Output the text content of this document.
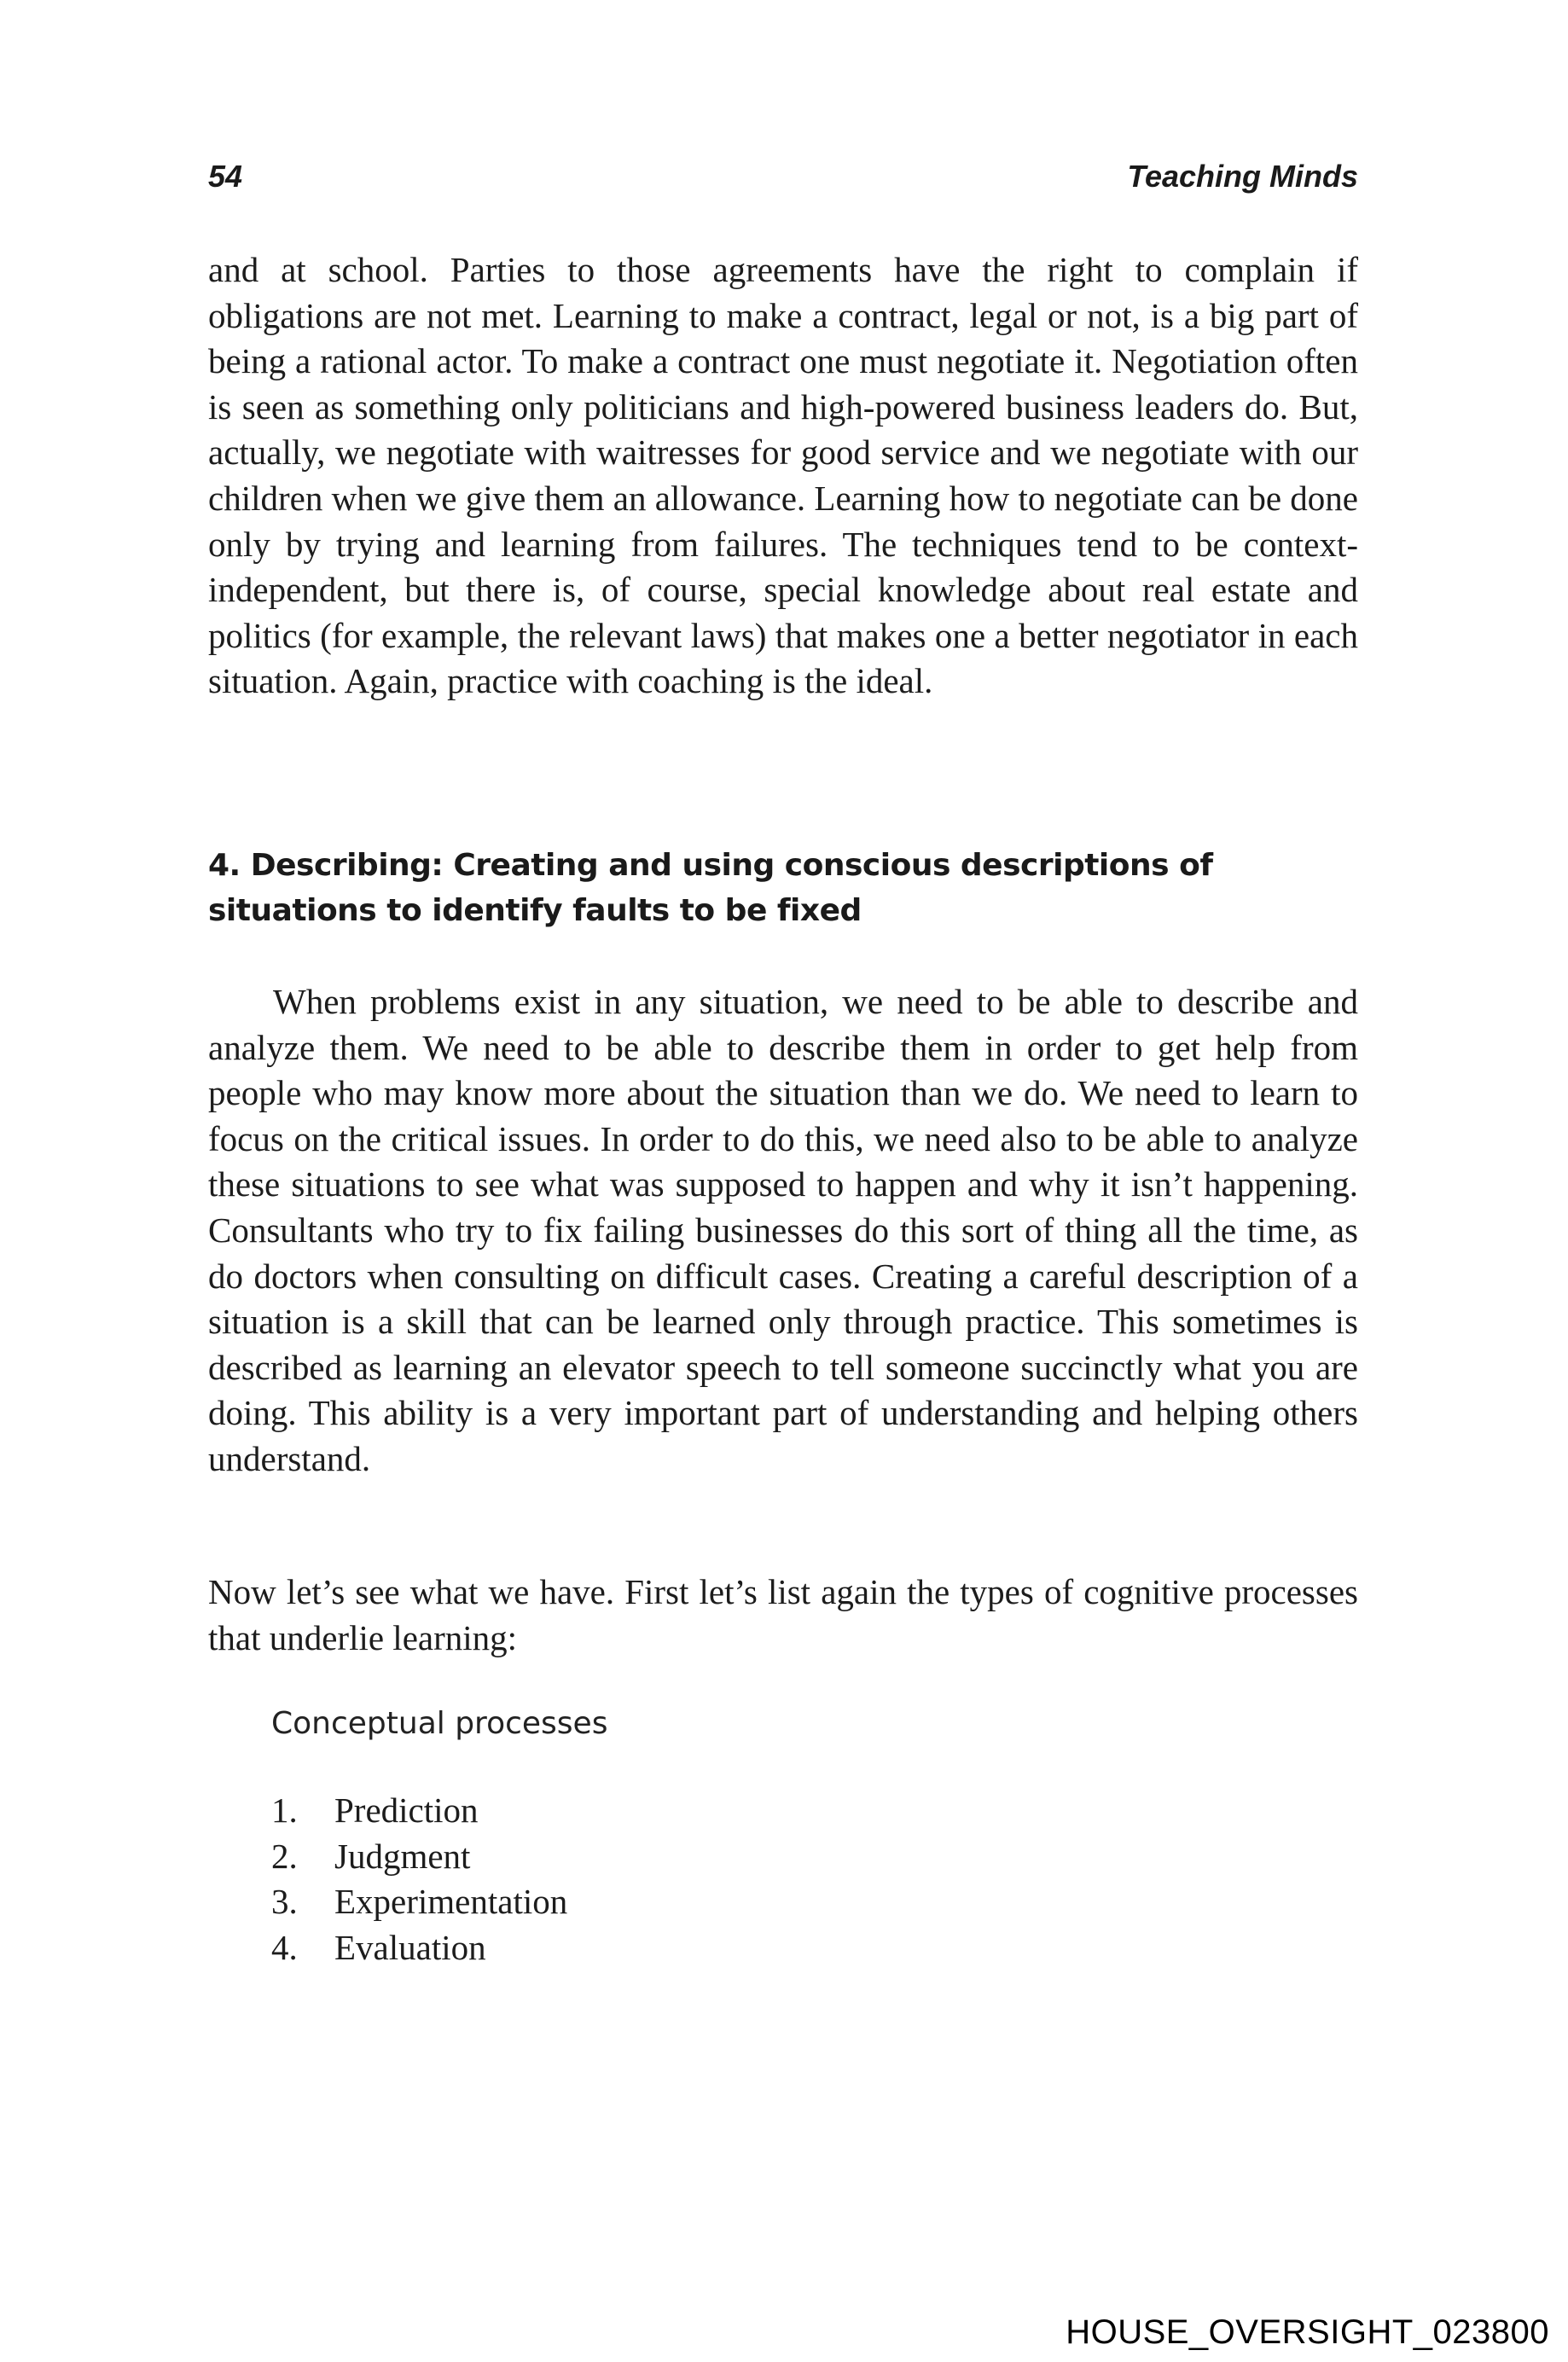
54	Teaching Minds

and at school. Parties to those agreements have the right to complain if obligations are not met. Learning to make a contract, legal or not, is a big part of being a rational actor. To make a contract one must negotiate it. Negotiation often is seen as something only politicians and high-powered business leaders do. But, actually, we negotiate with waitresses for good service and we negotiate with our children when we give them an allowance. Learning how to negotiate can be done only by trying and learning from failures. The techniques tend to be context-independent, but there is, of course, special knowledge about real estate and politics (for example, the relevant laws) that makes one a better negotiator in each situation. Again, practice with coaching is the ideal.

4. Describing: Creating and using conscious descriptions of
situations to identify faults to be fixed

When problems exist in any situation, we need to be able to describe and analyze them. We need to be able to describe them in order to get help from people who may know more about the situation than we do. We need to learn to focus on the critical issues. In order to do this, we need also to be able to analyze these situations to see what was supposed to happen and why it isn’t happening. Consultants who try to fix failing businesses do this sort of thing all the time, as do doctors when consulting on difficult cases. Creating a careful description of a situation is a skill that can be learned only through practice. This sometimes is described as learning an elevator speech to tell someone succinctly what you are doing. This ability is a very important part of understanding and helping others understand.

Now let’s see what we have. First let’s list again the types of cognitive processes that underlie learning:

Conceptual processes
1.	Prediction
2.	Judgment
3.	Experimentation
4.	Evaluation
HOUSE_OVERSIGHT_023800
